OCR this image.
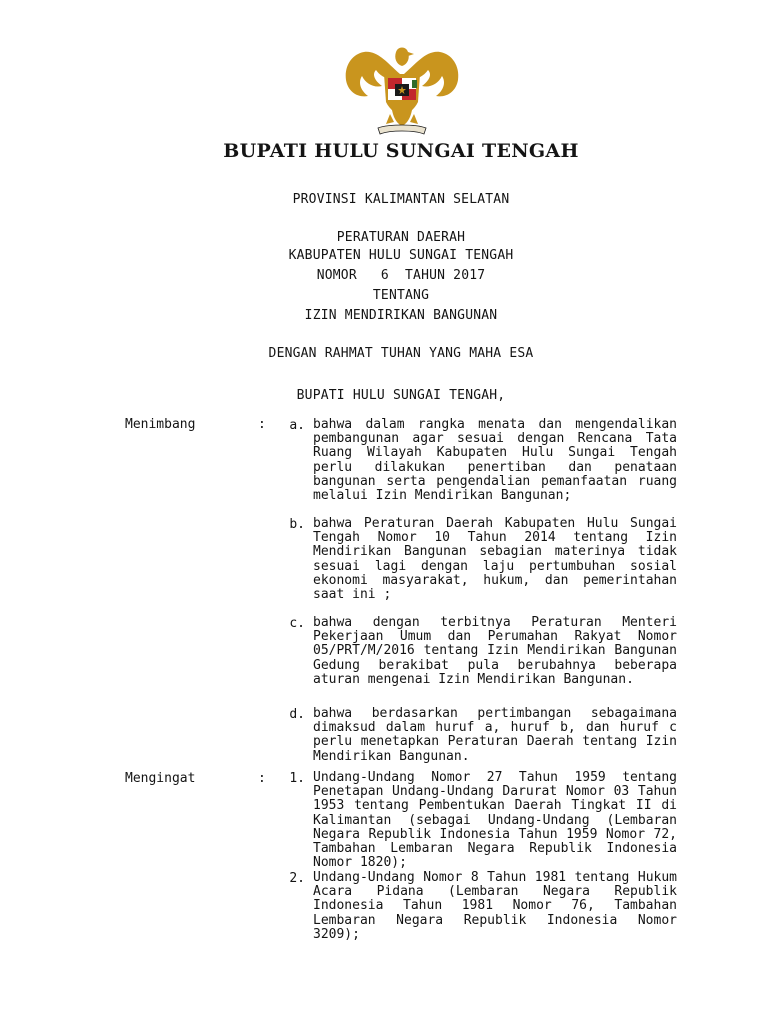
BUPATI HULU SUNGAI TENGAH
PROVINSI KALIMANTAN SELATAN
PERATURAN DAERAH
KABUPATEN HULU SUNGAI TENGAH
NOMOR   6  TAHUN 2017
TENTANG
IZIN MENDIRIKAN BANGUNAN
DENGAN RAHMAT TUHAN YANG MAHA ESA
BUPATI HULU SUNGAI TENGAH,
Menimbang	:	a. bahwa dalam rangka menata dan mengendalikan pembangunan agar sesuai dengan Rencana Tata Ruang Wilayah Kabupaten Hulu Sungai Tengah perlu dilakukan penertiban dan penataan bangunan serta pengendalian pemanfaatan ruang melalui Izin Mendirikan Bangunan;
b. bahwa Peraturan Daerah Kabupaten Hulu Sungai Tengah Nomor 10 Tahun 2014 tentang Izin Mendirikan Bangunan sebagian materinya tidak sesuai lagi dengan laju pertumbuhan sosial ekonomi masyarakat, hukum, dan pemerintahan saat ini ;
c. bahwa dengan terbitnya Peraturan Menteri Pekerjaan Umum dan Perumahan Rakyat Nomor 05/PRT/M/2016 tentang Izin Mendirikan Bangunan Gedung berakibat pula berubahnya beberapa aturan mengenai Izin Mendirikan Bangunan.
d. bahwa berdasarkan pertimbangan sebagaimana dimaksud dalam huruf a, huruf b, dan huruf c perlu menetapkan Peraturan Daerah tentang Izin Mendirikan Bangunan.
Mengingat	:	1. Undang-Undang Nomor 27 Tahun 1959 tentang Penetapan Undang-Undang Darurat Nomor 03 Tahun 1953 tentang Pembentukan Daerah Tingkat II di Kalimantan (sebagai Undang-Undang (Lembaran Negara Republik Indonesia Tahun 1959 Nomor 72, Tambahan Lembaran Negara Republik Indonesia Nomor 1820);
2. Undang-Undang Nomor 8 Tahun 1981 tentang Hukum Acara Pidana (Lembaran Negara Republik Indonesia Tahun 1981 Nomor 76, Tambahan Lembaran Negara Republik Indonesia Nomor 3209);
